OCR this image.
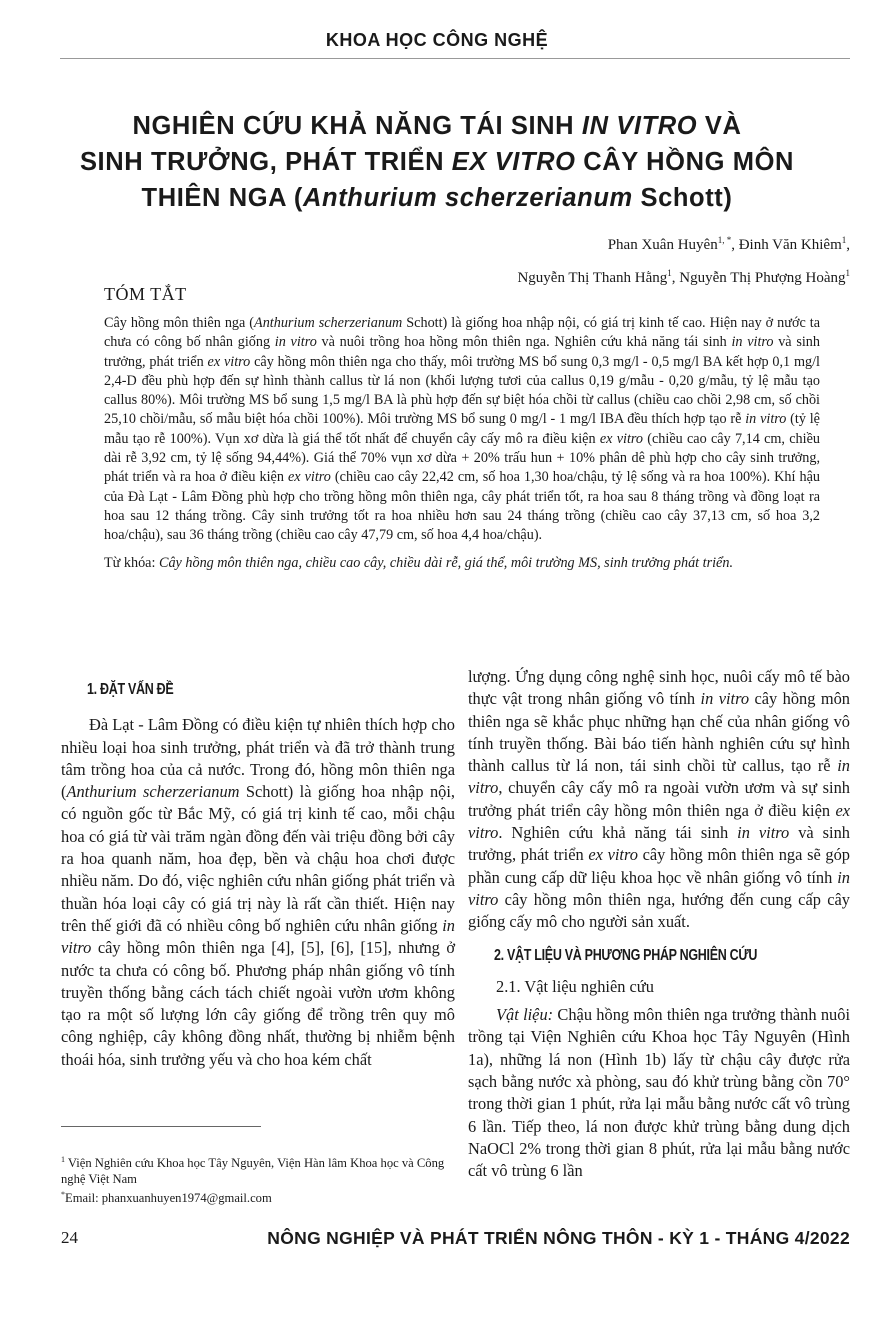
KHOA HỌC CÔNG NGHỆ
NGHIÊN CỨU KHẢ NĂNG TÁI SINH IN VITRO VÀ
SINH TRƯỞNG, PHÁT TRIỂN EX VITRO CÂY HỒNG MÔN
THIÊN NGA (Anthurium scherzerianum Schott)
Phan Xuân Huyên$^{1, *}$, Đinh Văn Khiêm$^1$,
Nguyễn Thị Thanh Hằng$^1$, Nguyễn Thị Phượng Hoàng$^1$
TÓM TẮT

Cây hồng môn thiên nga (Anthurium scherzerianum Schott) là giống hoa nhập nội, có giá trị kinh tế cao. Hiện nay ở nước ta chưa có công bố nhân giống in vitro và nuôi trồng hoa hồng môn thiên nga. Nghiên cứu khả năng tái sinh in vitro và sinh trưởng, phát triển ex vitro cây hồng môn thiên nga cho thấy, môi trường MS bổ sung 0,3 mg/l - 0,5 mg/l BA kết hợp 0,1 mg/l 2,4-D đều phù hợp đến sự hình thành callus từ lá non (khối lượng tươi của callus 0,19 g/mẫu - 0,20 g/mẫu, tỷ lệ mẫu tạo callus 80%). Môi trường MS bổ sung 1,5 mg/l BA là phù hợp đến sự biệt hóa chồi từ callus (chiều cao chồi 2,98 cm, số chồi 25,10 chồi/mẫu, số mẫu biệt hóa chồi 100%). Môi trường MS bổ sung 0 mg/l - 1 mg/l IBA đều thích hợp tạo rễ in vitro (tỷ lệ mẫu tạo rễ 100%). Vụn xơ dừa là giá thể tốt nhất để chuyển cây cấy mô ra điều kiện ex vitro (chiều cao cây 7,14 cm, chiều dài rễ 3,92 cm, tỷ lệ sống 94,44%). Giá thể 70% vụn xơ dừa + 20% trấu hun + 10% phân dê phù hợp cho cây sinh trưởng, phát triển và ra hoa ở điều kiện ex vitro (chiều cao cây 22,42 cm, số hoa 1,30 hoa/chậu, tỷ lệ sống và ra hoa 100%). Khí hậu của Đà Lạt - Lâm Đồng phù hợp cho trồng hồng môn thiên nga, cây phát triển tốt, ra hoa sau 8 tháng trồng và đồng loạt ra hoa sau 12 tháng trồng. Cây sinh trưởng tốt ra hoa nhiều hơn sau 24 tháng trồng (chiều cao cây 37,13 cm, số hoa 3,2 hoa/chậu), sau 36 tháng trồng (chiều cao cây 47,79 cm, số hoa 4,4 hoa/chậu).

Từ khóa: Cây hồng môn thiên nga, chiều cao cây, chiều dài rễ, giá thể, môi trường MS, sinh trưởng phát triển.

1. ĐẶT VẤN ĐỀ

Đà Lạt - Lâm Đồng có điều kiện tự nhiên thích hợp cho nhiều loại hoa sinh trưởng, phát triển và đã trở thành trung tâm trồng hoa của cả nước. Trong đó, hồng môn thiên nga (Anthurium scherzerianum Schott) là giống hoa nhập nội, có nguồn gốc từ Bắc Mỹ, có giá trị kinh tế cao, mỗi chậu hoa có giá từ vài trăm ngàn đồng đến vài triệu đồng bởi cây ra hoa quanh năm, hoa đẹp, bền và chậu hoa chơi được nhiều năm. Do đó, việc nghiên cứu nhân giống phát triển và thuần hóa loại cây có giá trị này là rất cần thiết. Hiện nay trên thế giới đã có nhiều công bố nghiên cứu nhân giống in vitro cây hồng môn thiên nga [4], [5], [6], [15], nhưng ở nước ta chưa có công bố. Phương pháp nhân giống vô tính truyền thống bằng cách tách chiết ngoài vườn ươm không tạo ra một số lượng lớn cây giống để trồng trên quy mô công nghiệp, cây không đồng nhất, thường bị nhiễm bệnh thoái hóa, sinh trưởng yếu và cho hoa kém chất

lượng. Ứng dụng công nghệ sinh học, nuôi cấy mô tế bào thực vật trong nhân giống vô tính in vitro cây hồng môn thiên nga sẽ khắc phục những hạn chế của nhân giống vô tính truyền thống. Bài báo tiến hành nghiên cứu sự hình thành callus từ lá non, tái sinh chồi từ callus, tạo rễ in vitro, chuyển cây cấy mô ra ngoài vườn ươm và sự sinh trưởng phát triển cây hồng môn thiên nga ở điều kiện ex vitro. Nghiên cứu khả năng tái sinh in vitro và sinh trưởng, phát triển ex vitro cây hồng môn thiên nga sẽ góp phần cung cấp dữ liệu khoa học về nhân giống vô tính in vitro cây hồng môn thiên nga, hướng đến cung cấp cây giống cấy mô cho người sản xuất.

2. VẬT LIỆU VÀ PHƯƠNG PHÁP NGHIÊN CỨU
2.1. Vật liệu nghiên cứu

Vật liệu: Chậu hồng môn thiên nga trưởng thành nuôi trồng tại Viện Nghiên cứu Khoa học Tây Nguyên (Hình 1a), những lá non (Hình 1b) lấy từ chậu cây được rửa sạch bằng nước xà phòng, sau đó khử trùng bằng cồn 70° trong thời gian 1 phút, rửa lại mẫu bằng nước cất vô trùng 6 lần. Tiếp theo, lá non được khử trùng bằng dung dịch NaOCl 2% trong thời gian 8 phút, rửa lại mẫu bằng nước cất vô trùng 6 lần

$^1$ Viện Nghiên cứu Khoa học Tây Nguyên, Viện Hàn lâm Khoa học và Công nghệ Việt Nam
*Email: phanxuanhuyen1974@gmail.com
24	NÔNG NGHIỆP VÀ PHÁT TRIỂN NÔNG THÔN - KỲ 1 - THÁNG 4/2022
